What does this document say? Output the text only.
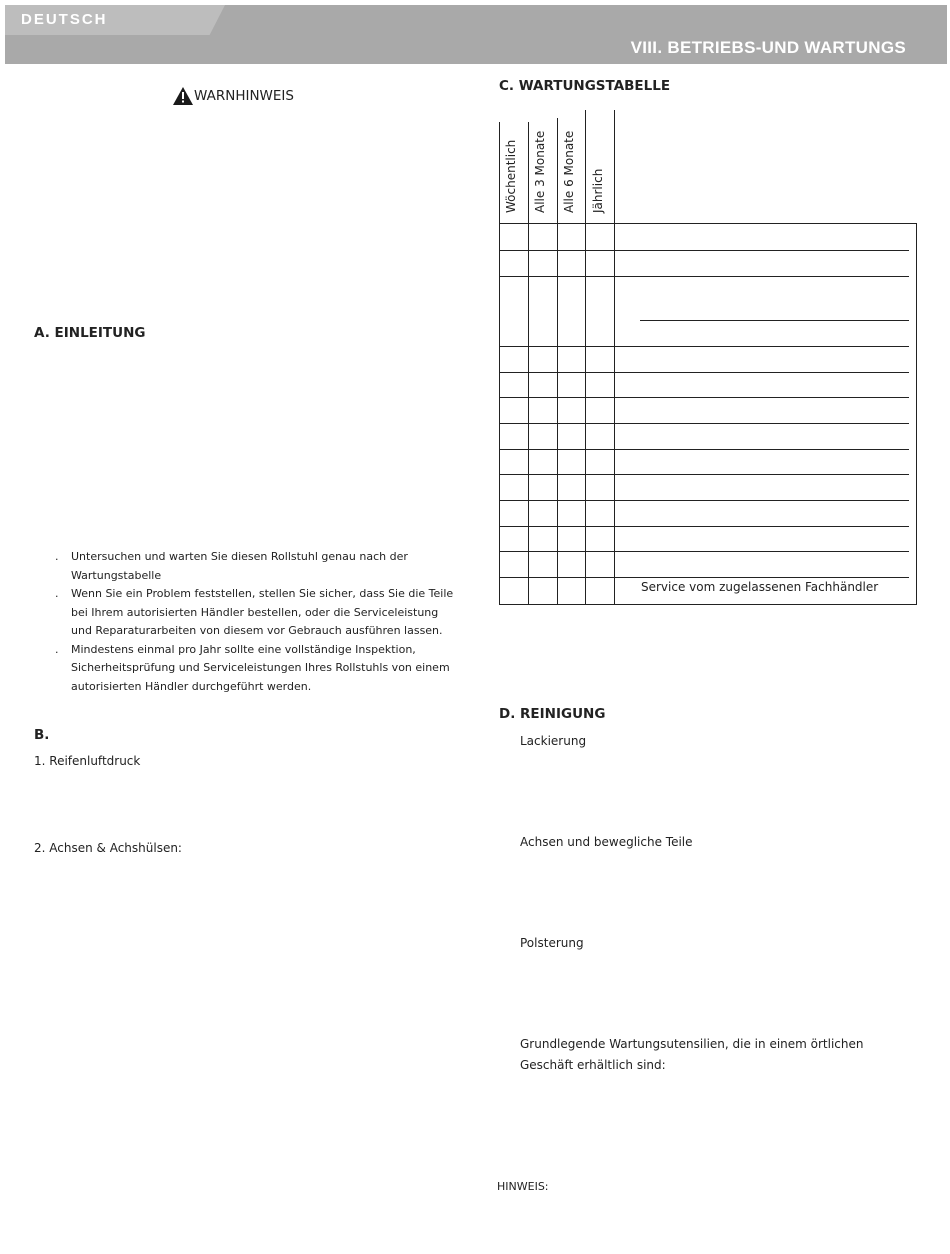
DEUTSCH
VIII. BETRIEBS-UND WARTUNGS
WARNHINWEIS
A. EINLEITUNG
. Untersuchen und warten Sie diesen Rollstuhl genau nach der Wartungstabelle
. Wenn Sie ein Problem feststellen, stellen Sie sicher, dass Sie die Teile bei Ihrem autorisierten Händler bestellen, oder die Serviceleistung und Reparaturarbeiten von diesem vor Gebrauch ausführen lassen.
. Mindestens einmal pro Jahr sollte eine vollständige Inspektion, Sicherheitsprüfung und Serviceleistungen Ihres Rollstuhls von einem autorisierten Händler durchgeführt werden.
B.
1. Reifenluftdruck
2. Achsen & Achshülsen:
C. WARTUNGSTABELLE
Wöchentlich Alle 3 Monate Alle 6 Monate Jährlich
Service vom zugelassenen Fachhändler
D. REINIGUNG
Lackierung
Achsen und bewegliche Teile
Polsterung
Grundlegende Wartungsutensilien, die in einem örtlichen
Geschäft erhältlich sind:
HINWEIS:
